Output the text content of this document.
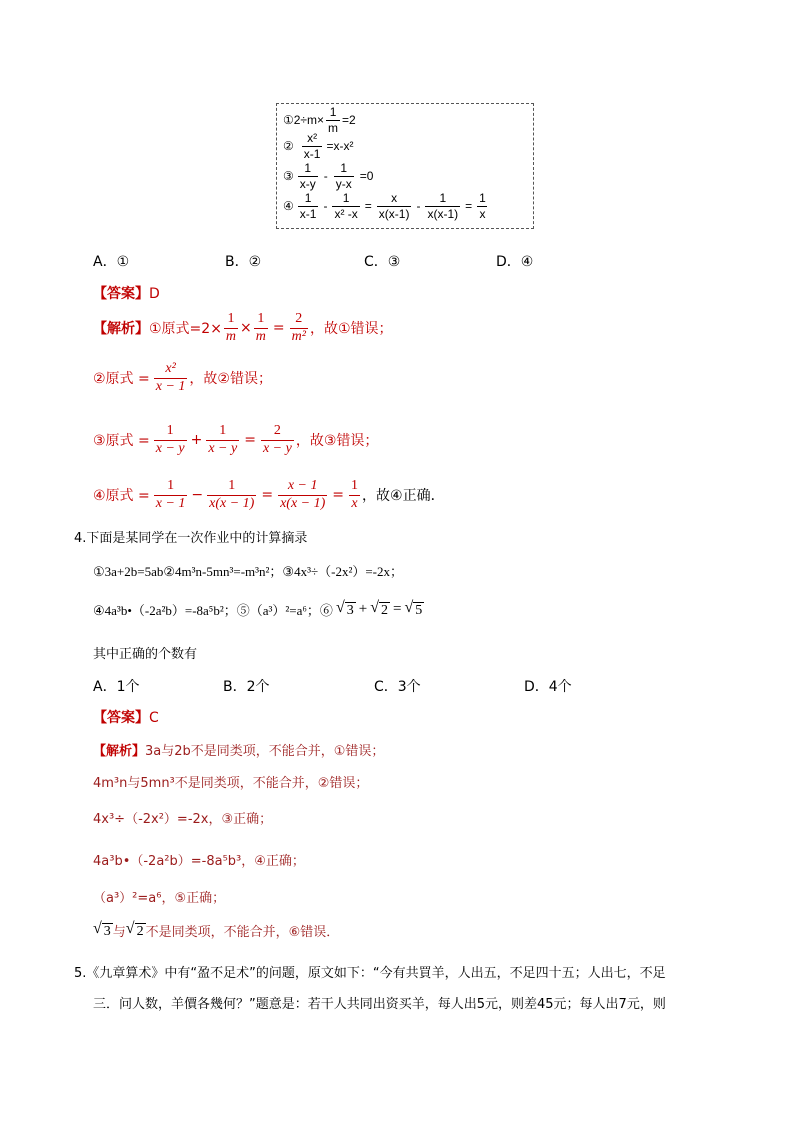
①2÷m× $\frac{1}{m} =2$
② $\frac{\text{x²}}{x-1} =x-x^2$
③ $\frac{1}{x-y} - \frac{1}{y-x} =0$
④ $\frac{1}{x-1} - \frac{1}{\text{x² -x}} = \frac{x}{x(x-1)} - \frac{1}{x(x-1)} = \frac{1}{x}$
A．①	B．②	C．③	D．④
【答案】D
【解析】 ①原式$=2\times \frac{1}{m} \times \frac{1}{m} = \frac{2}{\text{m²}}$ ，故①错误；
②原式 = $\frac{\text{x²}}{x - 1}$ ，故②错误；
③原式 = $\frac{1}{x - y} + \frac{1}{x - y} = \frac{2}{x - y}$ ，故③错误；
④原式 = $\frac{1}{x - 1} - \frac{1}{x(x - 1)} = \frac{x - 1}{x(x - 1)} = \frac{1}{x}$ ，故④正确．
4.下面是某同学在一次作业中的计算摘录
①3a+2b=5ab②4m³n-5mn³=-m³n²；③4x³÷（-2x²）=-2x；
④4a³b•（-2a²b）=-8a⁵b²；⑤（a³）²=a⁶；⑥ √ 3 + √ 2 = √ 5
其中正确的个数有
A．1个	B．2个	C．3个	D．4个
【答案】C
【解析】3a与2b不是同类项，不能合并，①错误；
4m³n与5mn³不是同类项，不能合并，②错误；
4x³÷（-2x²）=-2x，③正确；
4a³b•（-2a²b）=-8a⁵b³，④正确；
（a³）²=a⁶，⑤正确；
√ 3 与 √ 2 不是同类项，不能合并，⑥错误．
5.《九章算术》中有“盈不足术”的问题，原文如下：“今有共買羊，人出五，不足四十五；人出七，不足
三．问人数，羊價各幾何？”题意是：若干人共同出资买羊，每人出5元，则差45元；每人出7元，则
